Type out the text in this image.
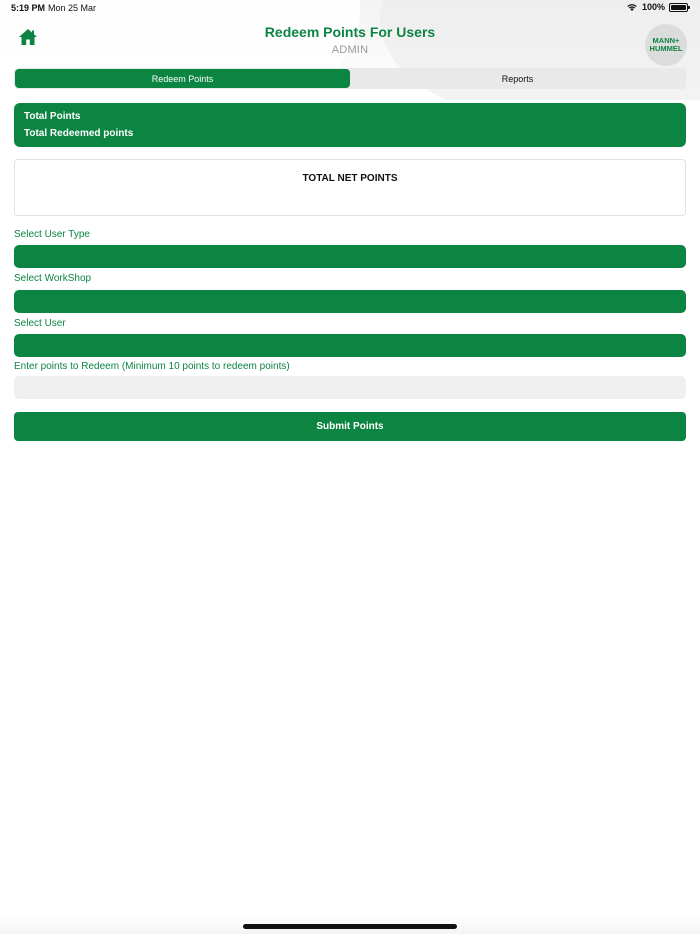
5:19 PM Mon 25 Mar	100%
Redeem Points For Users
ADMIN
MANN+
HUMMEL
Redeem Points	Reports
Total Points
Total Redeemed points
TOTAL NET POINTS
Select User Type
Select WorkShop
Select User
Enter points to Redeem (Minimum 10 points to redeem points)
Submit Points
